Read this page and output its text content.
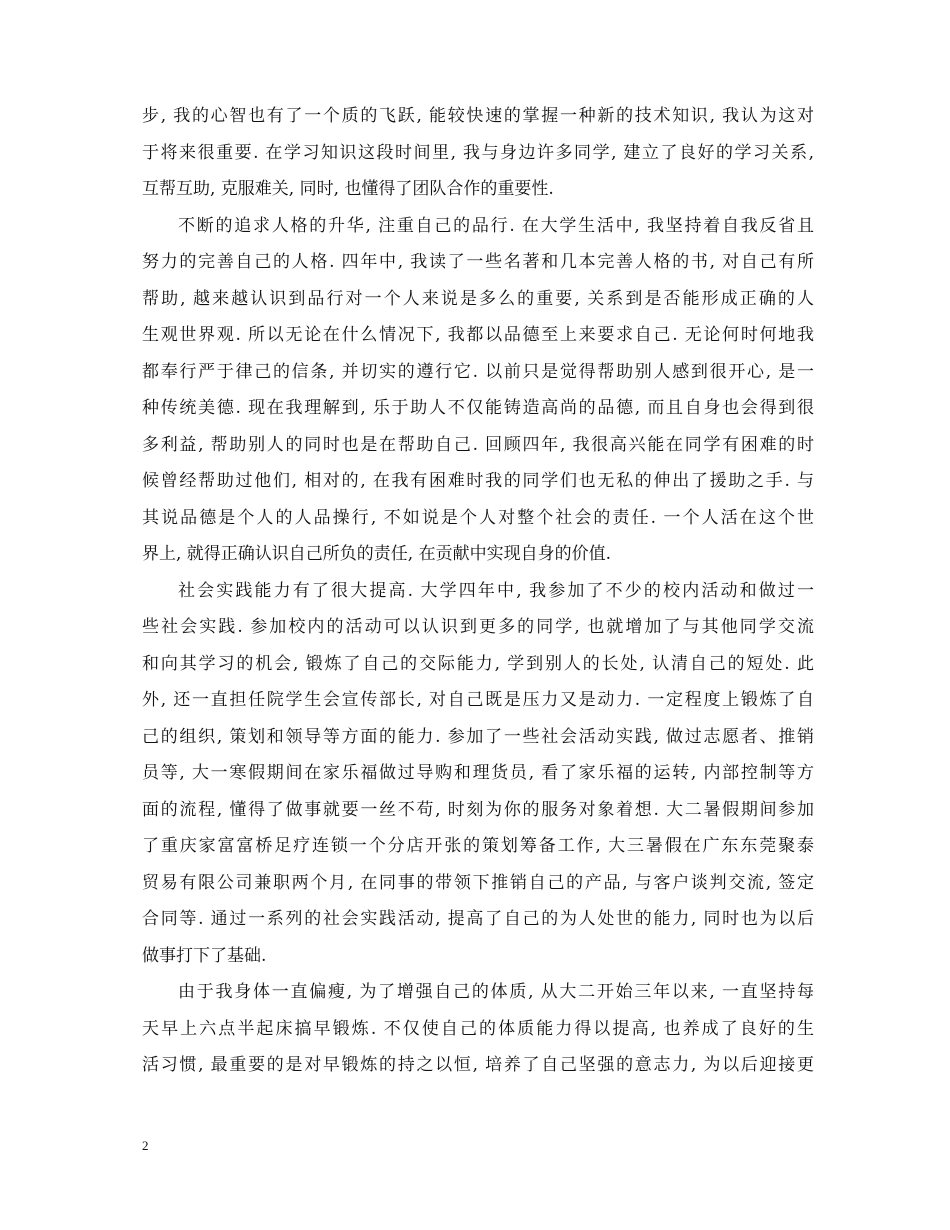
步, 我的心智也有了一个质的飞跃, 能较快速的掌握一种新的技术知识, 我认为这对
于将来很重要. 在学习知识这段时间里, 我与身边许多同学, 建立了良好的学习关系,
互帮互助, 克服难关, 同时, 也懂得了团队合作的重要性.
不断的追求人格的升华, 注重自己的品行. 在大学生活中, 我坚持着自我反省且
努力的完善自己的人格. 四年中, 我读了一些名著和几本完善人格的书, 对自己有所
帮助, 越来越认识到品行对一个人来说是多么的重要, 关系到是否能形成正确的人
生观世界观. 所以无论在什么情况下, 我都以品德至上来要求自己. 无论何时何地我
都奉行严于律己的信条, 并切实的遵行它. 以前只是觉得帮助别人感到很开心, 是一
种传统美德. 现在我理解到, 乐于助人不仅能铸造高尚的品德, 而且自身也会得到很
多利益, 帮助别人的同时也是在帮助自己. 回顾四年, 我很高兴能在同学有困难的时
候曾经帮助过他们, 相对的, 在我有困难时我的同学们也无私的伸出了援助之手. 与
其说品德是个人的人品操行, 不如说是个人对整个社会的责任. 一个人活在这个世
界上, 就得正确认识自己所负的责任, 在贡献中实现自身的价值.
社会实践能力有了很大提高. 大学四年中, 我参加了不少的校内活动和做过一
些社会实践. 参加校内的活动可以认识到更多的同学, 也就增加了与其他同学交流
和向其学习的机会, 锻炼了自己的交际能力, 学到别人的长处, 认清自己的短处. 此
外, 还一直担任院学生会宣传部长, 对自己既是压力又是动力. 一定程度上锻炼了自
己的组织, 策划和领导等方面的能力. 参加了一些社会活动实践, 做过志愿者、推销
员等, 大一寒假期间在家乐福做过导购和理货员, 看了家乐福的运转, 内部控制等方
面的流程, 懂得了做事就要一丝不苟, 时刻为你的服务对象着想. 大二暑假期间参加
了重庆家富富桥足疗连锁一个分店开张的策划筹备工作, 大三暑假在广东东莞聚泰
贸易有限公司兼职两个月, 在同事的带领下推销自己的产品, 与客户谈判交流, 签定
合同等. 通过一系列的社会实践活动, 提高了自己的为人处世的能力, 同时也为以后
做事打下了基础.
由于我身体一直偏瘦, 为了增强自己的体质, 从大二开始三年以来, 一直坚持每
天早上六点半起床搞早锻炼. 不仅使自己的体质能力得以提高, 也养成了良好的生
活习惯, 最重要的是对早锻炼的持之以恒, 培养了自己坚强的意志力, 为以后迎接更
2
